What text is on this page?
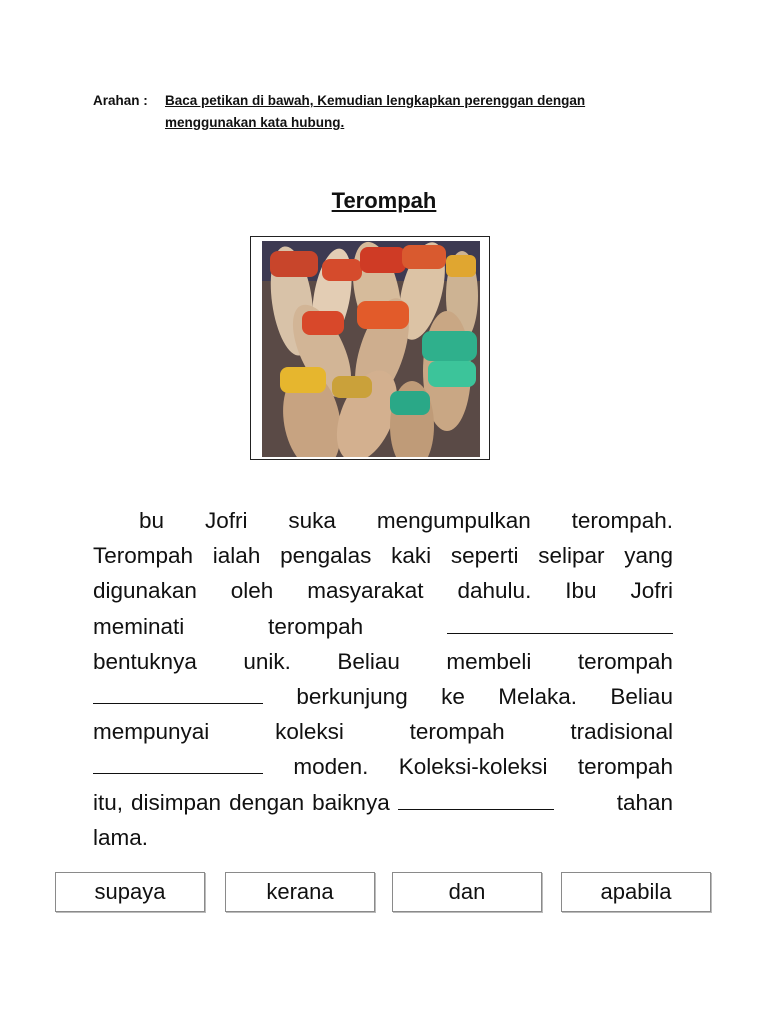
Arahan : Baca petikan di bawah, Kemudian lengkapkan perenggan dengan
menggunakan kata hubung.
Terompah
bu Jofri suka mengumpulkan terompah.
Terompah ialah pengalas kaki seperti selipar yang
digunakan oleh masyarakat dahulu. Ibu Jofri
meminati	terompah
bentuknya unik. Beliau membeli terompah
berkunjung ke Melaka. Beliau
mempunyai	koleksi	terompah	tradisional
moden. Koleksi-koleksi terompah
itu, disimpan dengan baiknya	tahan
lama.
supaya	kerana	dan	apabila
